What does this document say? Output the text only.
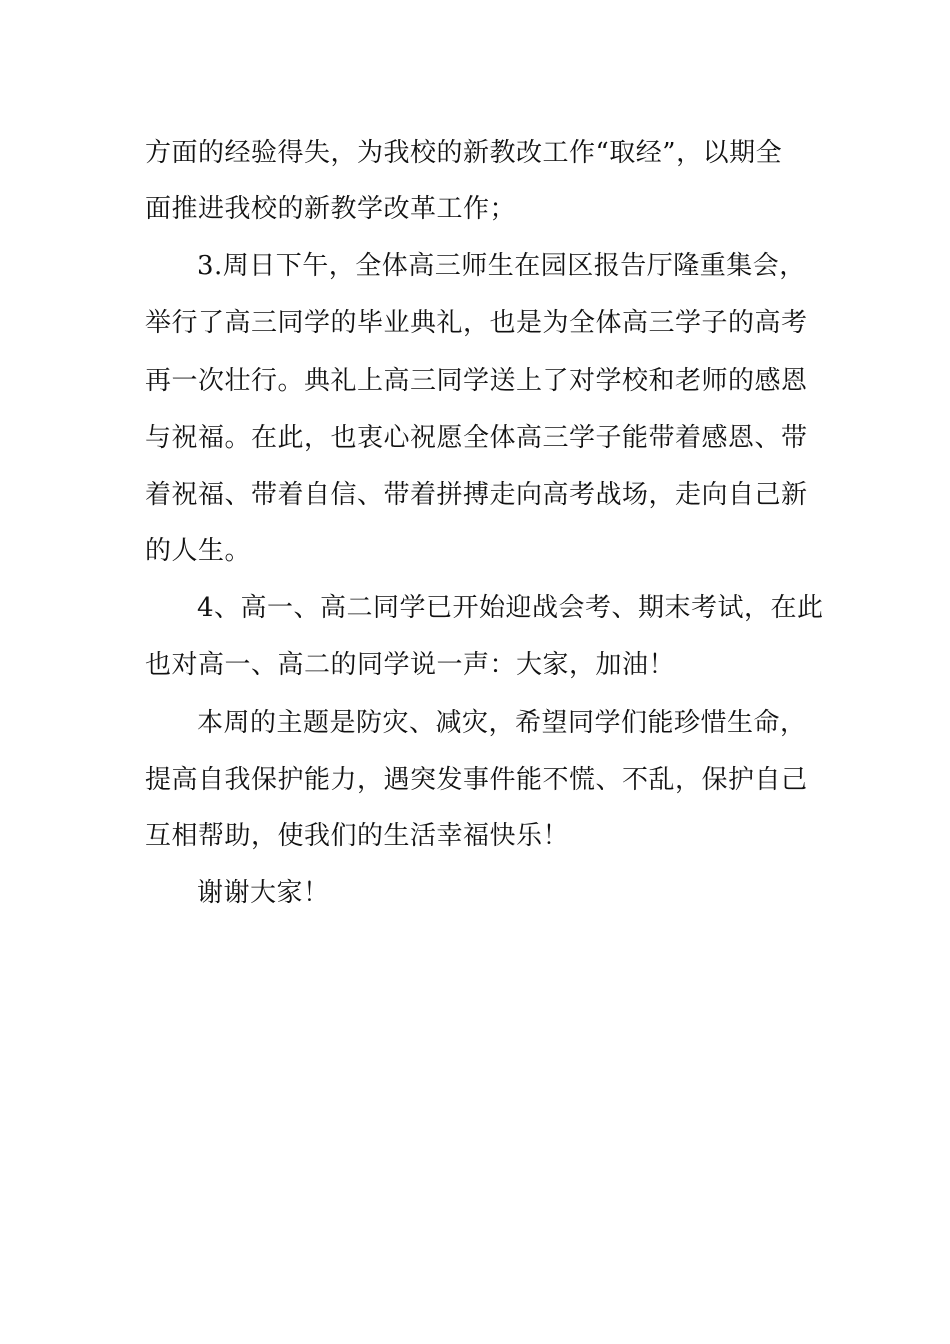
方面的经验得失，为我校的新教改工作“取经”，以期全
面推进我校的新教学改革工作；
3.周日下午，全体高三师生在园区报告厅隆重集会，
举行了高三同学的毕业典礼，也是为全体高三学子的高考
再一次壮行。典礼上高三同学送上了对学校和老师的感恩
与祝福。在此，也衷心祝愿全体高三学子能带着感恩、带
着祝福、带着自信、带着拼搏走向高考战场，走向自己新
的人生。
4、高一、高二同学已开始迎战会考、期末考试，在此
也对高一、高二的同学说一声：大家，加油！
本周的主题是防灾、减灾，希望同学们能珍惜生命，
提高自我保护能力，遇突发事件能不慌、不乱，保护自己
互相帮助，使我们的生活幸福快乐！
谢谢大家！
